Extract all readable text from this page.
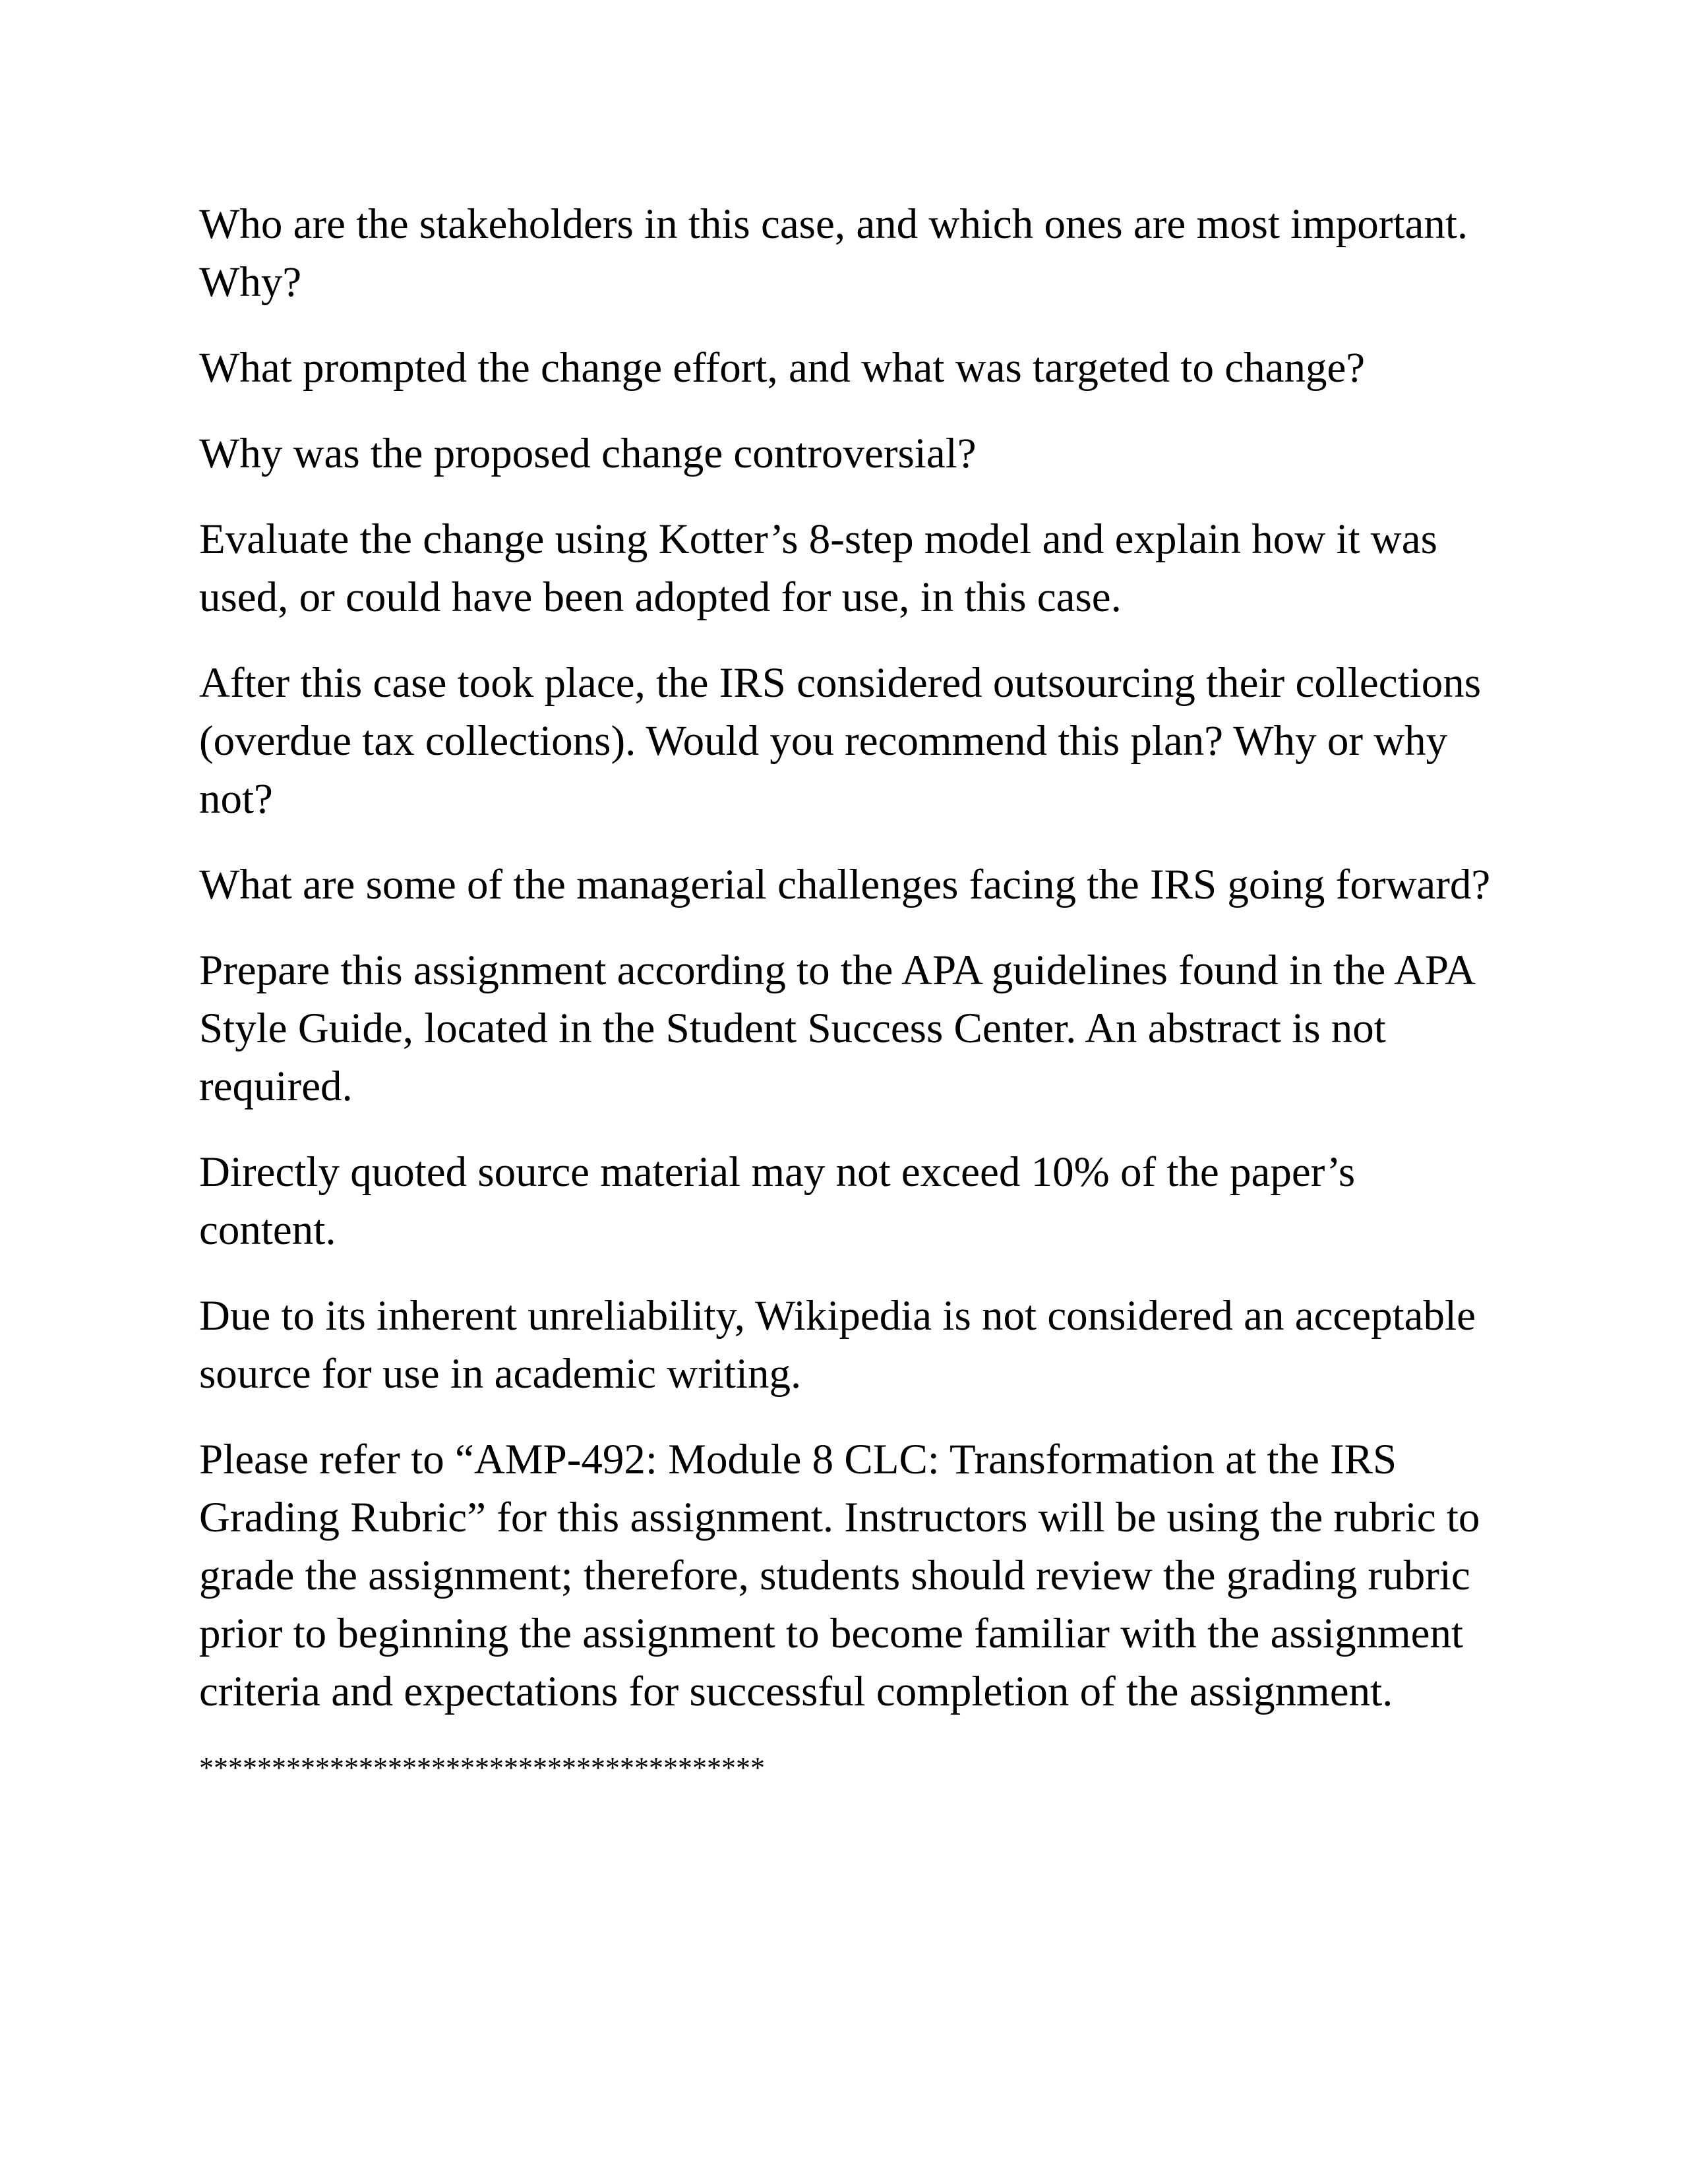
Who are the stakeholders in this case, and which ones are most important. Why?

What prompted the change effort, and what was targeted to change?

Why was the proposed change controversial?

Evaluate the change using Kotter’s 8-step model and explain how it was used, or could have been adopted for use, in this case.

After this case took place, the IRS considered outsourcing their collections (overdue tax collections). Would you recommend this plan? Why or why not?

What are some of the managerial challenges facing the IRS going forward?

Prepare this assignment according to the APA guidelines found in the APA Style Guide, located in the Student Success Center. An abstract is not required.

Directly quoted source material may not exceed 10% of the paper’s content.

Due to its inherent unreliability, Wikipedia is not considered an acceptable source for use in academic writing.

Please refer to “AMP-492: Module 8 CLC: Transformation at the IRS Grading Rubric” for this assignment. Instructors will be using the rubric to grade the assignment; therefore, students should review the grading rubric prior to beginning the assignment to become familiar with the assignment criteria and expectations for successful completion of the assignment.

***************************************
